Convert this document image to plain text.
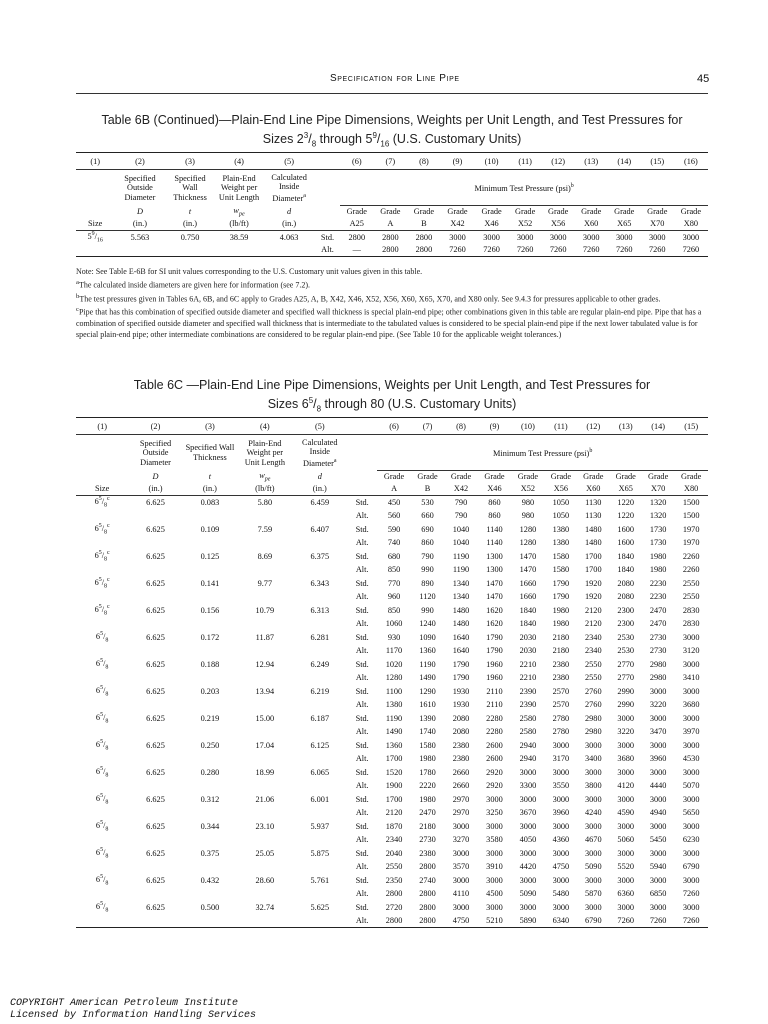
Specification for Line Pipe	45
Table 6B (Continued)—Plain-End Line Pipe Dimensions, Weights per Unit Length, and Test Pressures for
Sizes $2^3/_8$ through $5^9/_{16}$ (U.S. Customary Units)
(1)	(2)	(3)	(4)	(5)		(6)	(7)	(8)	(9)	(10)	(11)	(12)	(13)	(14)	(15)	(16)
	Specified Outside Diameter	Specified Wall Thickness	Plain-End Weight per Unit Length	Calculated Inside Diameter$^a$		Minimum Test Pressure (psi)$^b$
	D	t	$w_{pe}$	d		Grade	Grade	Grade	Grade	Grade	Grade	Grade	Grade	Grade	Grade	Grade
Size	(in.)	(in.)	(lb/ft)	(in.)		A25	A	B	X42	X46	X52	X56	X60	X65	X70	X80
$5^9/_{16}$	5.563	0.750	38.59	4.063	Std.	2800	2800	2800	3000	3000	3000	3000	3000	3000	3000	3000
					Alt.	—	2800	2800	7260	7260	7260	7260	7260	7260	7260	7260

Note: See Table E-6B for SI unit values corresponding to the U.S. Customary unit values given in this table.

$^a$The calculated inside diameters are given here for information (see 7.2).

$^b$The test pressures given in Tables 6A, 6B, and 6C apply to Grades A25, A, B, X42, X46, X52, X56, X60, X65, X70, and X80 only. See 9.4.3 for pressures applicable to other grades.

$^c$Pipe that has this combination of specified outside diameter and specified wall thickness is special plain-end pipe; other combinations given in this table are regular plain-end pipe. Pipe that has a combination of specified outside diameter and specified wall thickness that is intermediate to the tabulated values is considered to be special plain-end pipe if the next lower tabulated value is for special plain-end pipe; other intermediate combinations are considered to be regular plain-end pipe. (See Table 10 for the applicable weight tolerances.)

Table 6C —Plain-End Line Pipe Dimensions, Weights per Unit Length, and Test Pressures for
Sizes $6^5/_8$ through 80 (U.S. Customary Units)
(1)	(2)	(3)	(4)	(5)		(6)	(7)	(8)	(9)	(10)	(11)	(12)	(13)	(14)	(15)
	Specified Outside Diameter	Specified Wall Thickness	Plain-End Weight per Unit Length	Calculated Inside Diameter$^a$		Minimum Test Pressure (psi)$^b$
	D	t	$w_{pe}$	d		Grade	Grade	Grade	Grade	Grade	Grade	Grade	Grade	Grade	Grade
Size	(in.)	(in.)	(lb/ft)	(in.)		A	B	X42	X46	X52	X56	X60	X65	X70	X80
$6^5/_8^c$	6.625	0.083	5.80	6.459	Std.	450	530	790	860	980	1050	1130	1220	1320	1500
					Alt.	560	660	790	860	980	1050	1130	1220	1320	1500
$6^5/_8^c$	6.625	0.109	7.59	6.407	Std.	590	690	1040	1140	1280	1380	1480	1600	1730	1970
					Alt.	740	860	1040	1140	1280	1380	1480	1600	1730	1970
$6^5/_8^c$	6.625	0.125	8.69	6.375	Std.	680	790	1190	1300	1470	1580	1700	1840	1980	2260
					Alt.	850	990	1190	1300	1470	1580	1700	1840	1980	2260
$6^5/_8^c$	6.625	0.141	9.77	6.343	Std.	770	890	1340	1470	1660	1790	1920	2080	2230	2550
					Alt.	960	1120	1340	1470	1660	1790	1920	2080	2230	2550
$6^5/_8^c$	6.625	0.156	10.79	6.313	Std.	850	990	1480	1620	1840	1980	2120	2300	2470	2830
					Alt.	1060	1240	1480	1620	1840	1980	2120	2300	2470	2830
$6^5/_8$	6.625	0.172	11.87	6.281	Std.	930	1090	1640	1790	2030	2180	2340	2530	2730	3000
					Alt.	1170	1360	1640	1790	2030	2180	2340	2530	2730	3120
$6^5/_8$	6.625	0.188	12.94	6.249	Std.	1020	1190	1790	1960	2210	2380	2550	2770	2980	3000
					Alt.	1280	1490	1790	1960	2210	2380	2550	2770	2980	3410
$6^5/_8$	6.625	0.203	13.94	6.219	Std.	1100	1290	1930	2110	2390	2570	2760	2990	3000	3000
					Alt.	1380	1610	1930	2110	2390	2570	2760	2990	3220	3680
$6^5/_8$	6.625	0.219	15.00	6.187	Std.	1190	1390	2080	2280	2580	2780	2980	3000	3000	3000
					Alt.	1490	1740	2080	2280	2580	2780	2980	3220	3470	3970
$6^5/_8$	6.625	0.250	17.04	6.125	Std.	1360	1580	2380	2600	2940	3000	3000	3000	3000	3000
					Alt.	1700	1980	2380	2600	2940	3170	3400	3680	3960	4530
$6^5/_8$	6.625	0.280	18.99	6.065	Std.	1520	1780	2660	2920	3000	3000	3000	3000	3000	3000
					Alt.	1900	2220	2660	2920	3300	3550	3800	4120	4440	5070
$6^5/_8$	6.625	0.312	21.06	6.001	Std.	1700	1980	2970	3000	3000	3000	3000	3000	3000	3000
					Alt.	2120	2470	2970	3250	3670	3960	4240	4590	4940	5650
$6^5/_8$	6.625	0.344	23.10	5.937	Std.	1870	2180	3000	3000	3000	3000	3000	3000	3000	3000
					Alt.	2340	2730	3270	3580	4050	4360	4670	5060	5450	6230
$6^5/_8$	6.625	0.375	25.05	5.875	Std.	2040	2380	3000	3000	3000	3000	3000	3000	3000	3000
					Alt.	2550	2800	3570	3910	4420	4750	5090	5520	5940	6790
$6^5/_8$	6.625	0.432	28.60	5.761	Std.	2350	2740	3000	3000	3000	3000	3000	3000	3000	3000
					Alt.	2800	2800	4110	4500	5090	5480	5870	6360	6850	7260
$6^5/_8$	6.625	0.500	32.74	5.625	Std.	2720	2800	3000	3000	3000	3000	3000	3000	3000	3000
					Alt.	2800	2800	4750	5210	5890	6340	6790	7260	7260	7260
COPYRIGHT American Petroleum Institute
Licensed by Information Handling Services
